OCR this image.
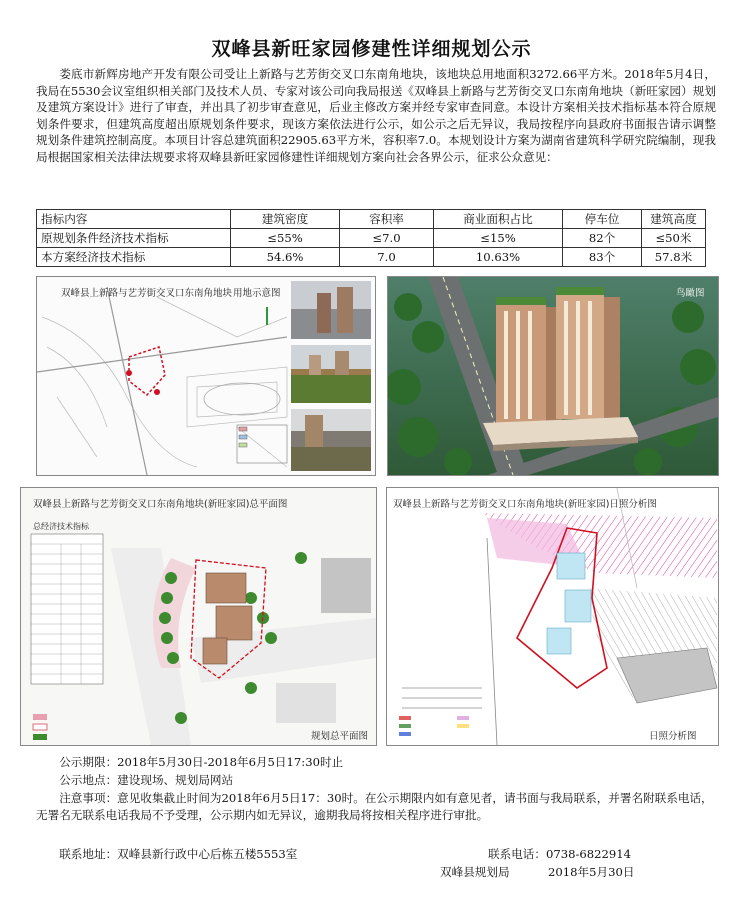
双峰县新旺家园修建性详细规划公示

娄底市新辉房地产开发有限公司受让上新路与艺芳街交叉口东南角地块，该地块总用地面积3272.66平方米。2018年5月4日，我局在5530会议室组织相关部门及技术人员、专家对该公司向我局报送《双峰县上新路与艺芳街交叉口东南角地块（新旺家园）规划及建筑方案设计》进行了审查，并出具了初步审查意见，后业主修改方案并经专家审查同意。本设计方案相关技术指标基本符合原规划条件要求，但建筑高度超出原规划条件要求，现该方案依法进行公示，如公示之后无异议，我局按程序向县政府书面报告请示调整规划条件建筑控制高度。本项目计容总建筑面积22905.63平方米，容积率7.0。本规划设计方案为湖南省建筑科学研究院编制，现我局根据国家相关法律法规要求将双峰县新旺家园修建性详细规划方案向社会各界公示，征求公众意见：

指标内容	建筑密度	容积率	商业面积占比	停车位	建筑高度
原规划条件经济技术指标	≤55%	≤7.0	≤15%	82个	≤50米
本方案经济技术指标	54.6%	7.0	10.63%	83个	57.8米
双峰县上新路与艺芳街交叉口东南角地块 用地示意图	鸟瞰图
双峰县上新路与艺芳街交叉口东南角地块(新旺家园)总平面图
总经济技术指标
规划总平面图
双峰县上新路与艺芳街交叉口东南角地块(新旺家园)日照分析图
日照分析图

公示期限：2018年5月30日-2018年6月5日17:30时止

公示地点：建设现场、规划局网站

注意事项：意见收集截止时间为2018年6月5日17：30时。在公示期限内如有意见者，请书面与我局联系，并署名附联系电话，无署名无联系电话我局不予受理，公示期内如无异议，逾期我局将按相关程序进行审批。

联系地址：双峰县新行政中心后栋五楼5553室	联系电话：0738-6822914

双峰县规划局	2018年5月30日
